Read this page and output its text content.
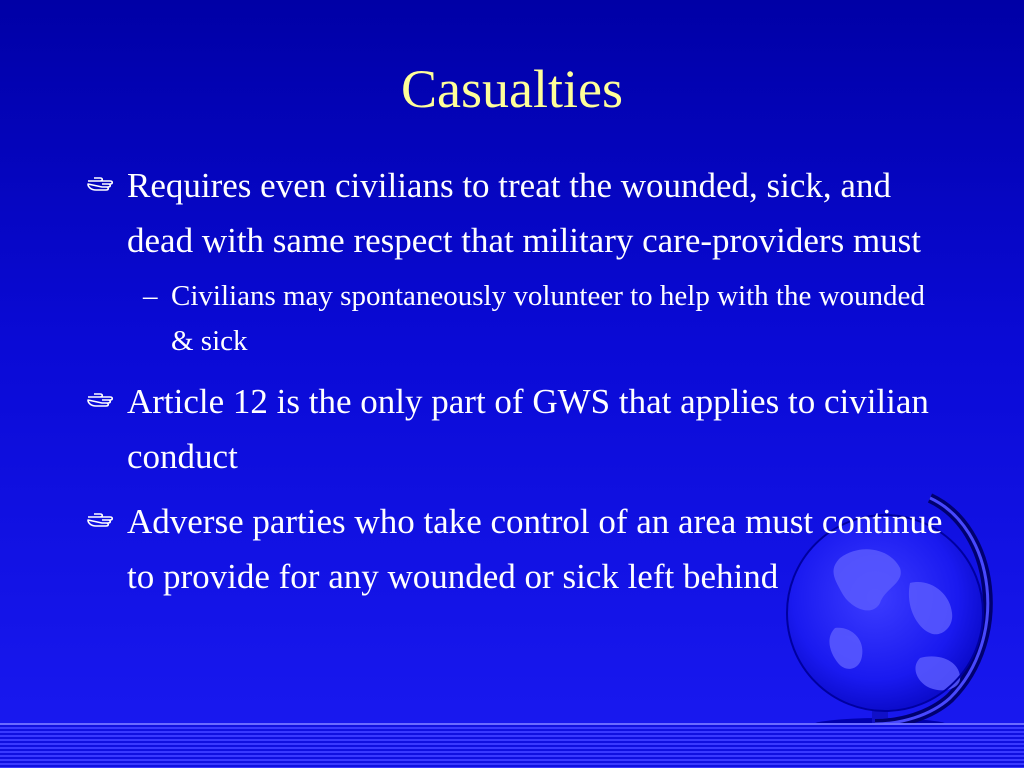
Casualties
Requires even civilians to treat the wounded, sick, and dead with same respect that military care-providers must
– Civilians may spontaneously volunteer to help with the wounded & sick
Article 12 is the only part of GWS that applies to civilian conduct
Adverse parties who take control of an area must continue to provide for any wounded or sick left behind
